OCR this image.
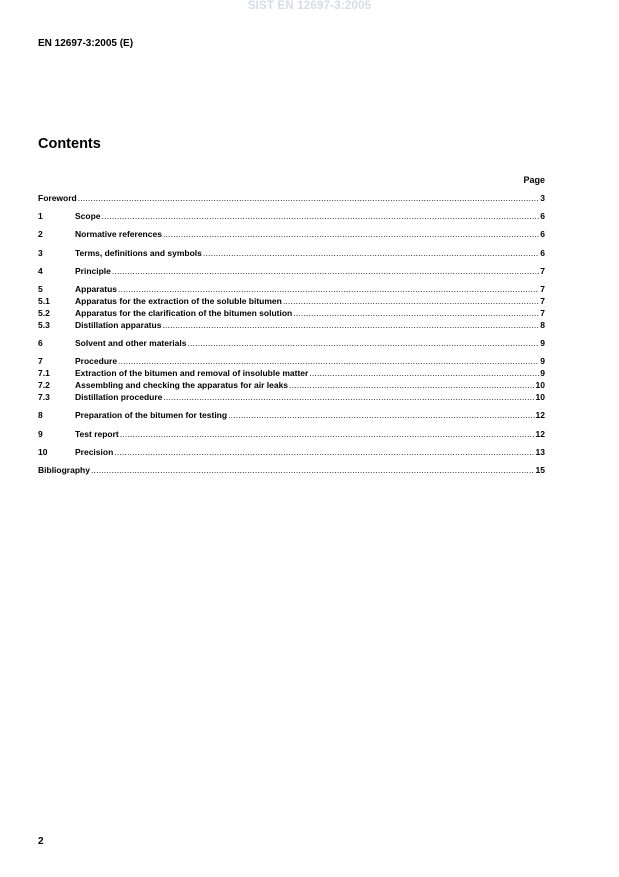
SIST EN 12697-3:2005
EN 12697-3:2005 (E)
Contents
Page
Foreword .....	3
1	Scope .....	6
2	Normative references .....	6
3	Terms, definitions and symbols .....	6
4	Principle .....	7
5	Apparatus .....	7
5.1	Apparatus for the extraction of the soluble bitumen .....	7
5.2	Apparatus for the clarification of the bitumen solution .....	7
5.3	Distillation apparatus .....	8
6	Solvent and other materials .....	9
7	Procedure .....	9
7.1	Extraction of the bitumen and removal of insoluble matter .....	9
7.2	Assembling and checking the apparatus for air leaks .....	10
7.3	Distillation procedure .....	10
8	Preparation of the bitumen for testing .....	12
9	Test report .....	12
10	Precision .....	13
Bibliography .....	15
2
